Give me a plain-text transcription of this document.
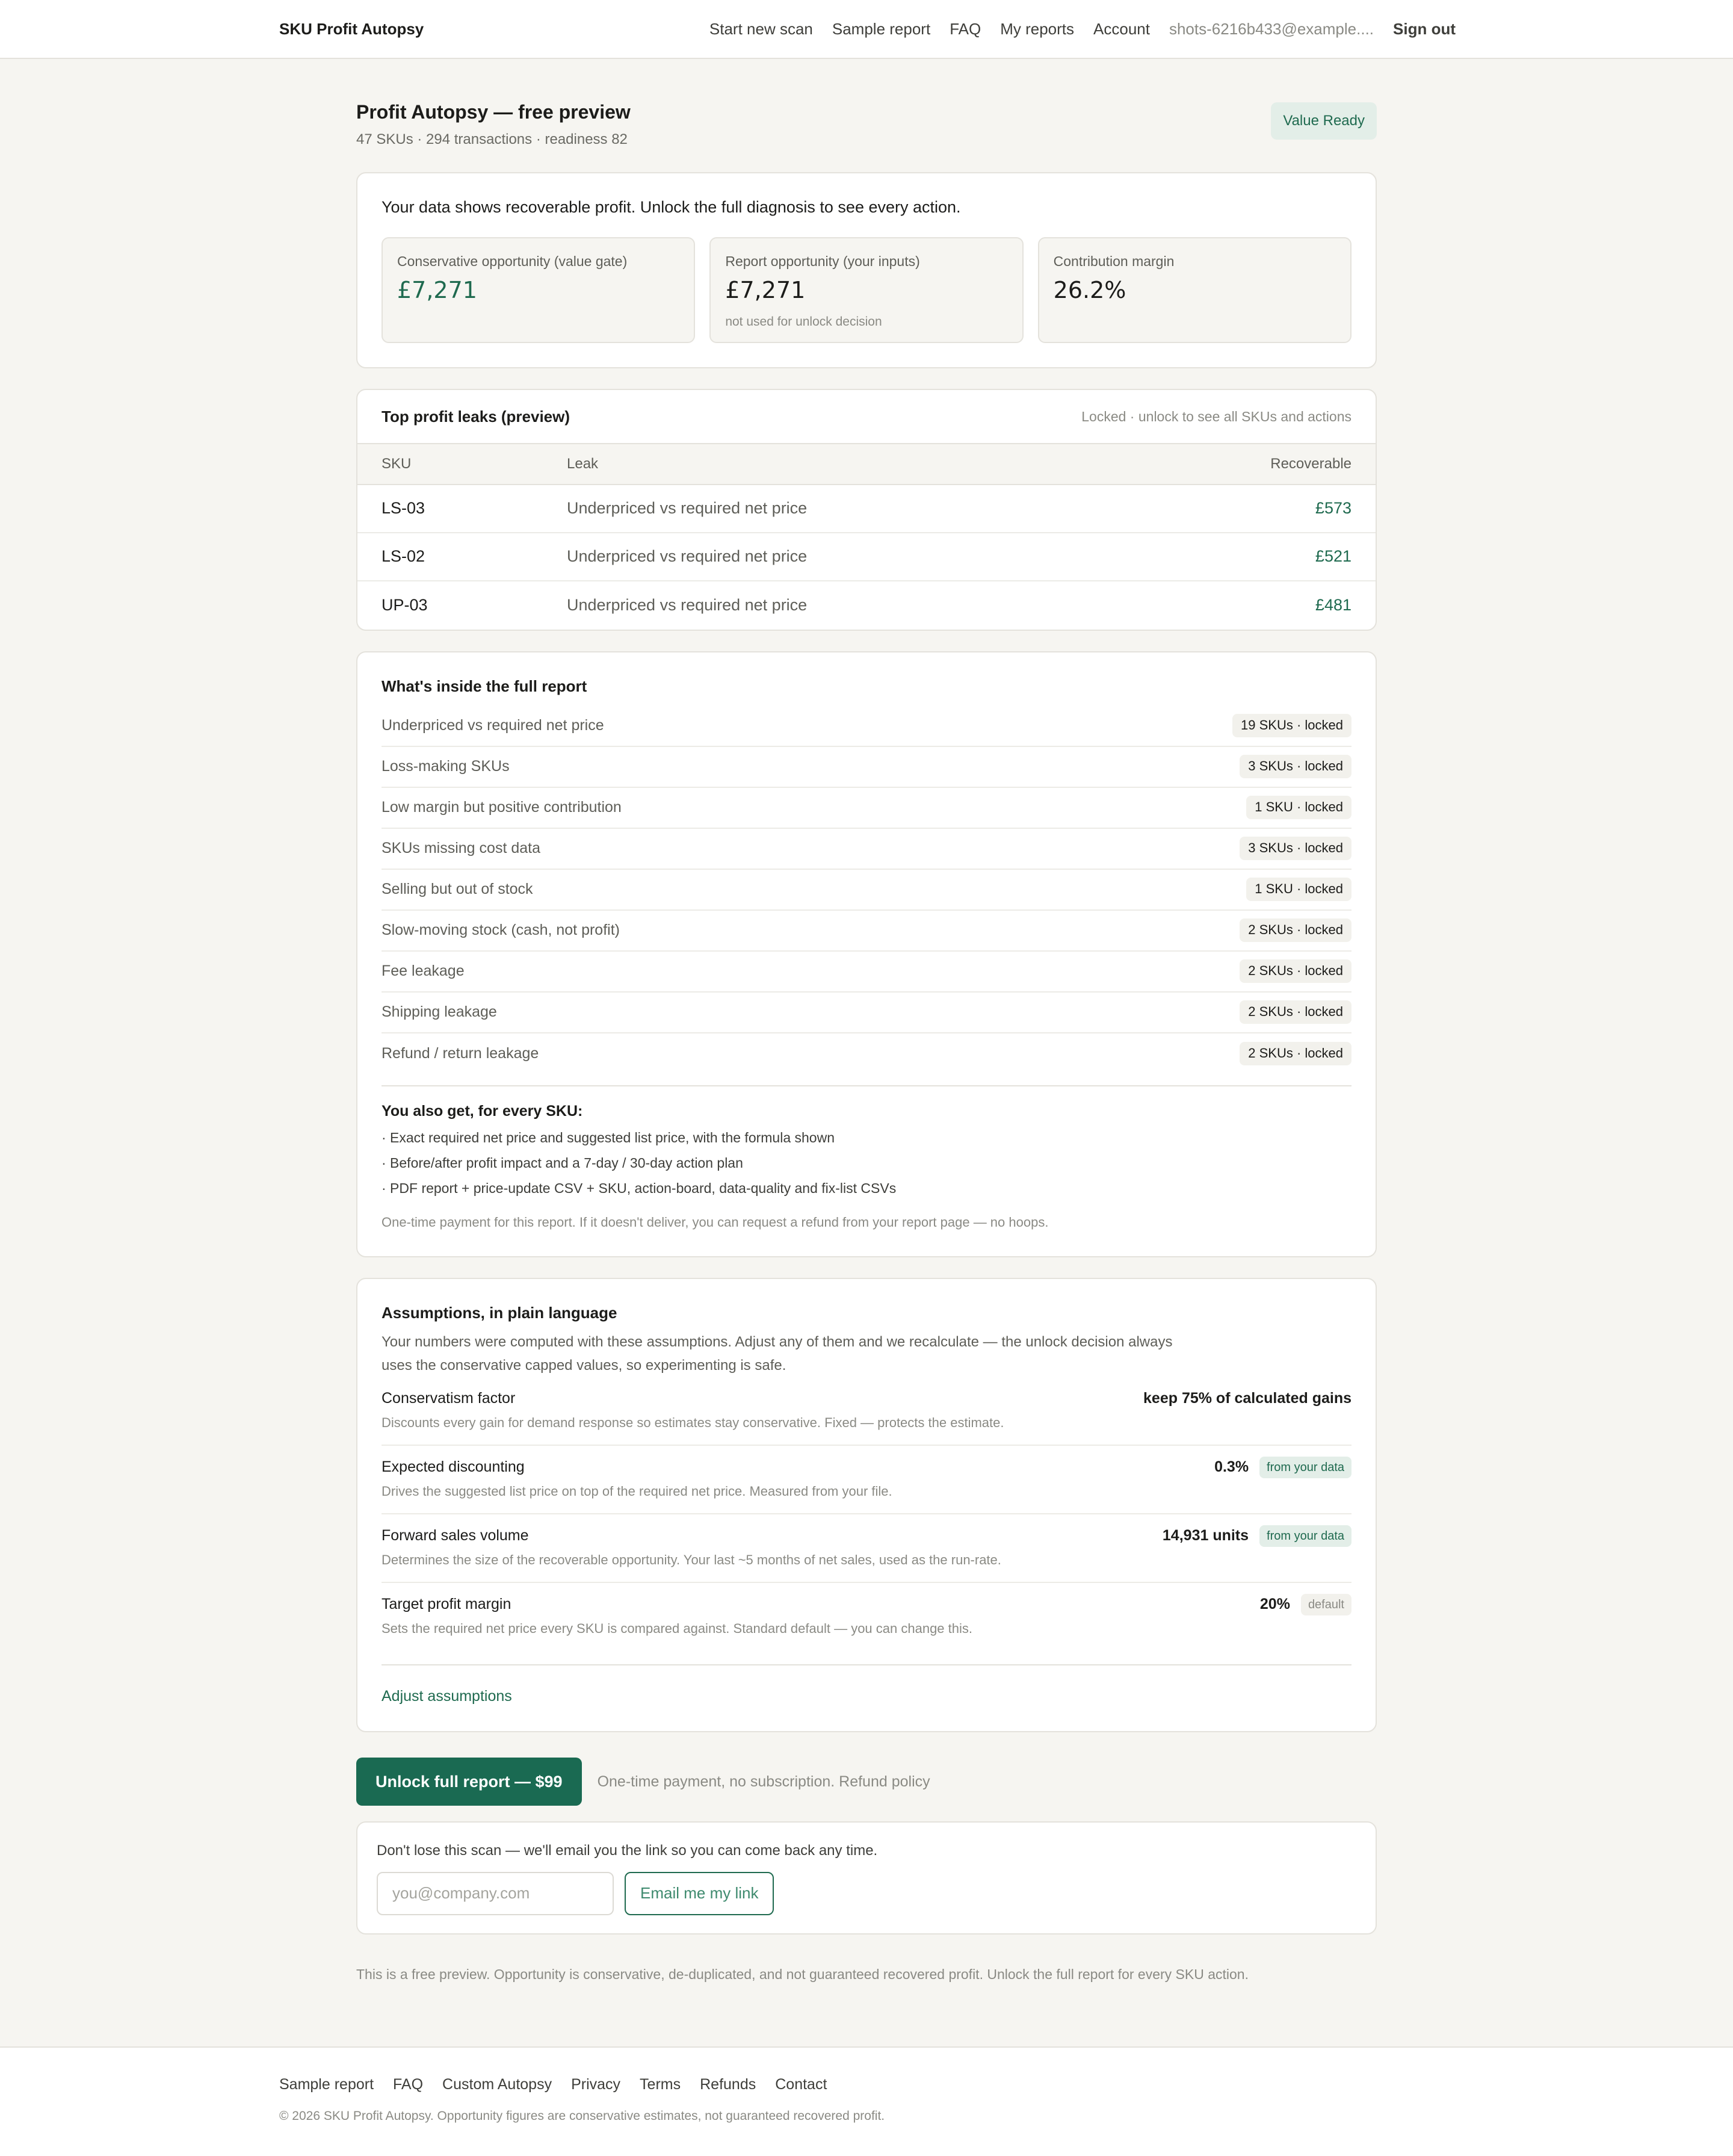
SKU Profit Autopsy	Start new scan Sample report FAQ My reports Account shots-6216b433@example.... Sign out
Profit Autopsy — free preview
47 SKUs · 294 transactions · readiness 82
Value Ready
Your data shows recoverable profit. Unlock the full diagnosis to see every action.
Conservative opportunity (value gate)
£7,271
Report opportunity (your inputs)
£7,271
not used for unlock decision
Contribution margin
26.2%
Top profit leaks (preview)	Locked · unlock to see all SKUs and actions
SKU	Leak	Recoverable
LS-03	Underpriced vs required net price	£573
LS-02	Underpriced vs required net price	£521
UP-03	Underpriced vs required net price	£481
What's inside the full report
Underpriced vs required net price	19 SKUs · locked
Loss-making SKUs	3 SKUs · locked
Low margin but positive contribution	1 SKU · locked
SKUs missing cost data	3 SKUs · locked
Selling but out of stock	1 SKU · locked
Slow-moving stock (cash, not profit)	2 SKUs · locked
Fee leakage	2 SKUs · locked
Shipping leakage	2 SKUs · locked
Refund / return leakage	2 SKUs · locked
You also get, for every SKU:
· Exact required net price and suggested list price, with the formula shown
· Before/after profit impact and a 7-day / 30-day action plan
· PDF report + price-update CSV + SKU, action-board, data-quality and fix-list CSVs
One-time payment for this report. If it doesn't deliver, you can request a refund from your report page — no hoops.
Assumptions, in plain language
Your numbers were computed with these assumptions. Adjust any of them and we recalculate — the unlock decision always uses the conservative capped values, so experimenting is safe.
Conservatism factor
Discounts every gain for demand response so estimates stay conservative. Fixed — protects the estimate.
keep 75% of calculated gains
Expected discounting
Drives the suggested list price on top of the required net price. Measured from your file.
0.3%	from your data
Forward sales volume
Determines the size of the recoverable opportunity. Your last ~5 months of net sales, used as the run-rate.
14,931 units	from your data
Target profit margin
Sets the required net price every SKU is compared against. Standard default — you can change this.
20%	default
Adjust assumptions
Unlock full report — $99	One-time payment, no subscription. Refund policy
Don't lose this scan — we'll email you the link so you can come back any time.
you@company.com
Email me my link
This is a free preview. Opportunity is conservative, de-duplicated, and not guaranteed recovered profit. Unlock the full report for every SKU action.
Sample report FAQ Custom Autopsy Privacy Terms Refunds Contact
© 2026 SKU Profit Autopsy. Opportunity figures are conservative estimates, not guaranteed recovered profit.
